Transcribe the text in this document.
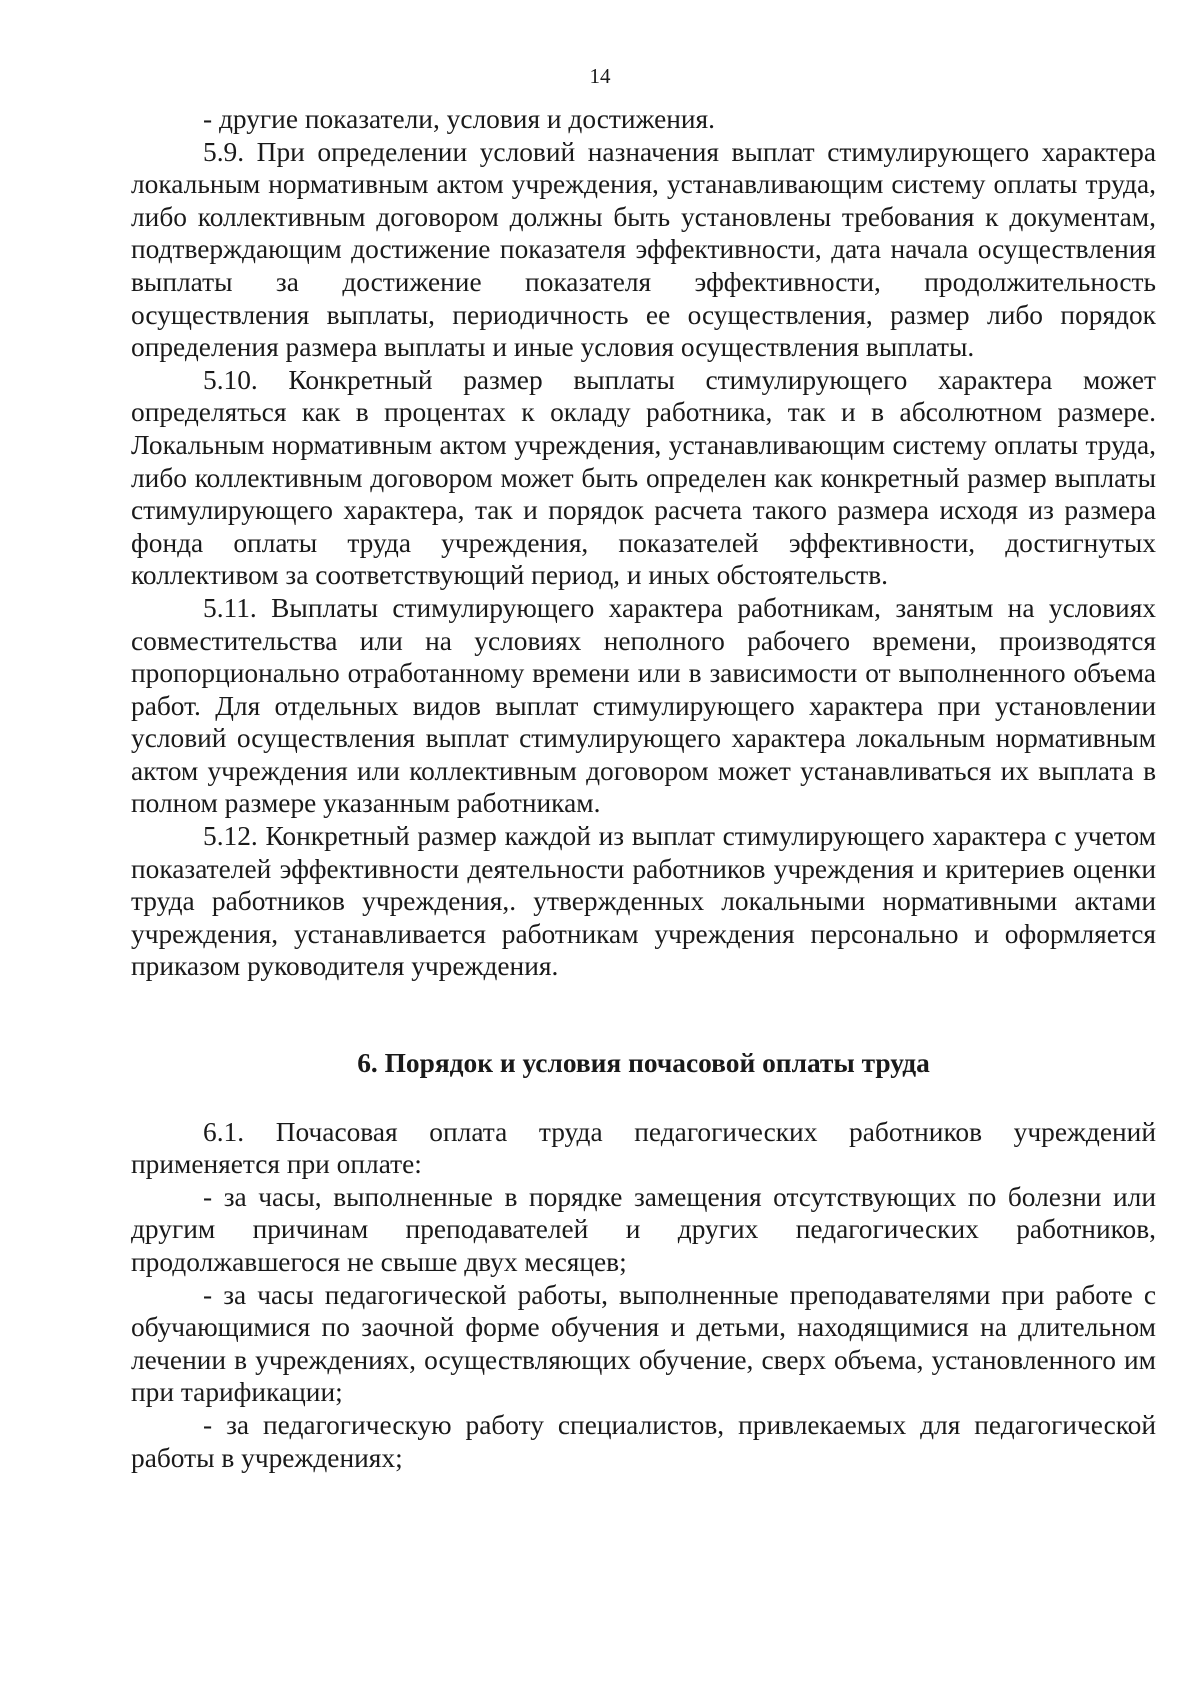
14

- другие показатели, условия и достижения.

5.9. При определении условий назначения выплат стимулирующего характера локальным нормативным актом учреждения, устанавливающим систему оплаты труда, либо коллективным договором должны быть установлены требования к документам, подтверждающим достижение показателя эффективности, дата начала осуществления выплаты за достижение показателя эффективности, продолжительность осуществления выплаты, периодичность ее осуществления, размер либо порядок определения размера выплаты и иные условия осуществления выплаты.

5.10. Конкретный размер выплаты стимулирующего характера может определяться как в процентах к окладу работника, так и в абсолютном размере. Локальным нормативным актом учреждения, устанавливающим систему оплаты труда, либо коллективным договором может быть определен как конкретный размер выплаты стимулирующего характера, так и порядок расчета такого размера исходя из размера фонда оплаты труда учреждения, показателей эффективности, достигнутых коллективом за соответствующий период, и иных обстоятельств.

5.11. Выплаты стимулирующего характера работникам, занятым на условиях совместительства или на условиях неполного рабочего времени, производятся пропорционально отработанному времени или в зависимости от выполненного объема работ. Для отдельных видов выплат стимулирующего характера при установлении условий осуществления выплат стимулирующего характера локальным нормативным актом учреждения или коллективным договором может устанавливаться их выплата в полном размере указанным работникам.

5.12. Конкретный размер каждой из выплат стимулирующего характера с учетом показателей эффективности деятельности работников учреждения и критериев оценки труда работников учреждения,. утвержденных локальными нормативными актами учреждения, устанавливается работникам учреждения персонально и оформляется приказом руководителя учреждения.

6. Порядок и условия почасовой оплаты труда

6.1. Почасовая оплата труда педагогических работников учреждений применяется при оплате:

- за часы, выполненные в порядке замещения отсутствующих по болезни или другим причинам преподавателей и других педагогических работников, продолжавшегося не свыше двух месяцев;

- за часы педагогической работы, выполненные преподавателями при работе с обучающимися по заочной форме обучения и детьми, находящимися на длительном лечении в учреждениях, осуществляющих обучение, сверх объема, установленного им при тарификации;

- за педагогическую работу специалистов, привлекаемых для педагогической работы в учреждениях;
